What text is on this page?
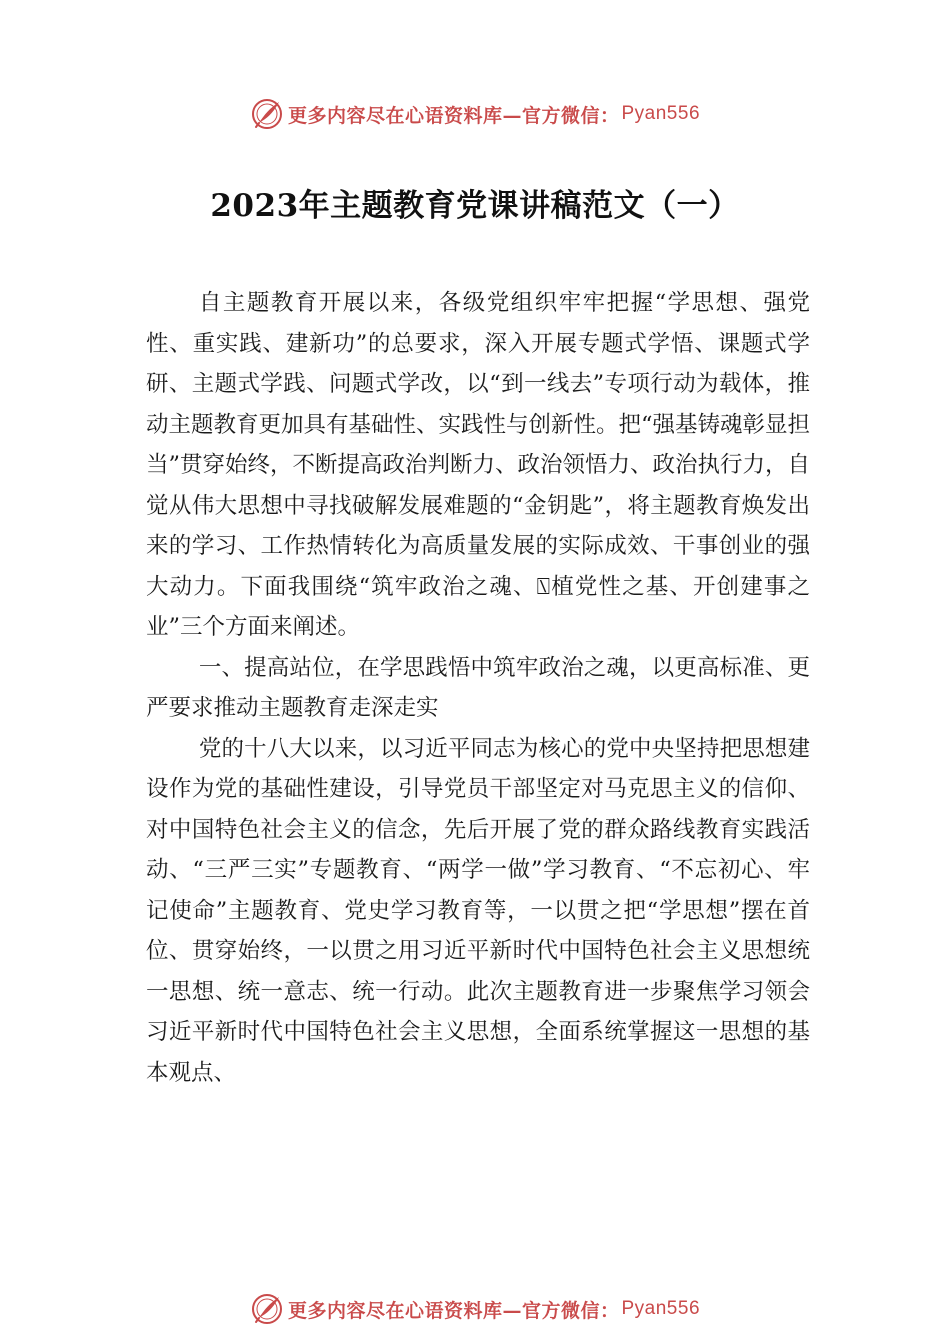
更多内容尽在心语资料库—官方微信： Pyan556
2023年主题教育党课讲稿范文（一）

自主题教育开展以来，各级党组织牢牢把握“学思想、强党性、重实践、建新功”的总要求，深入开展专题式学悟、课题式学研、主题式学践、问题式学改，以“到一线去”专项行动为载体，推动主题教育更加具有基础性、实践性与创新性。把“强基铸魂彰显担当”贯穿始终，不断提高政治判断力、政治领悟力、政治执行力，自觉从伟大思想中寻找破解发展难题的“金钥匙”，将主题教育焕发出来的学习、工作热情转化为高质量发展的实际成效、干事创业的强大动力。下面我围绕“筑牢政治之魂、⍂植党性之基、开创建事之业”三个方面来阐述。

一、提高站位，在学思践悟中筑牢政治之魂，以更高标准、更严要求推动主题教育走深走实

党的十八大以来，以习近平同志为核心的党中央坚持把思想建设作为党的基础性建设，引导党员干部坚定对马克思主义的信仰、对中国特色社会主义的信念，先后开展了党的群众路线教育实践活动、“三严三实”专题教育、“两学一做”学习教育、“不忘初心、牢记使命”主题教育、党史学习教育等，一以贯之把“学思想”摆在首位、贯穿始终，一以贯之用习近平新时代中国特色社会主义思想统一思想、统一意志、统一行动。此次主题教育进一步聚焦学习领会习近平新时代中国特色社会主义思想，全面系统掌握这一思想的基本观点、

更多内容尽在心语资料库—官方微信： Pyan556
